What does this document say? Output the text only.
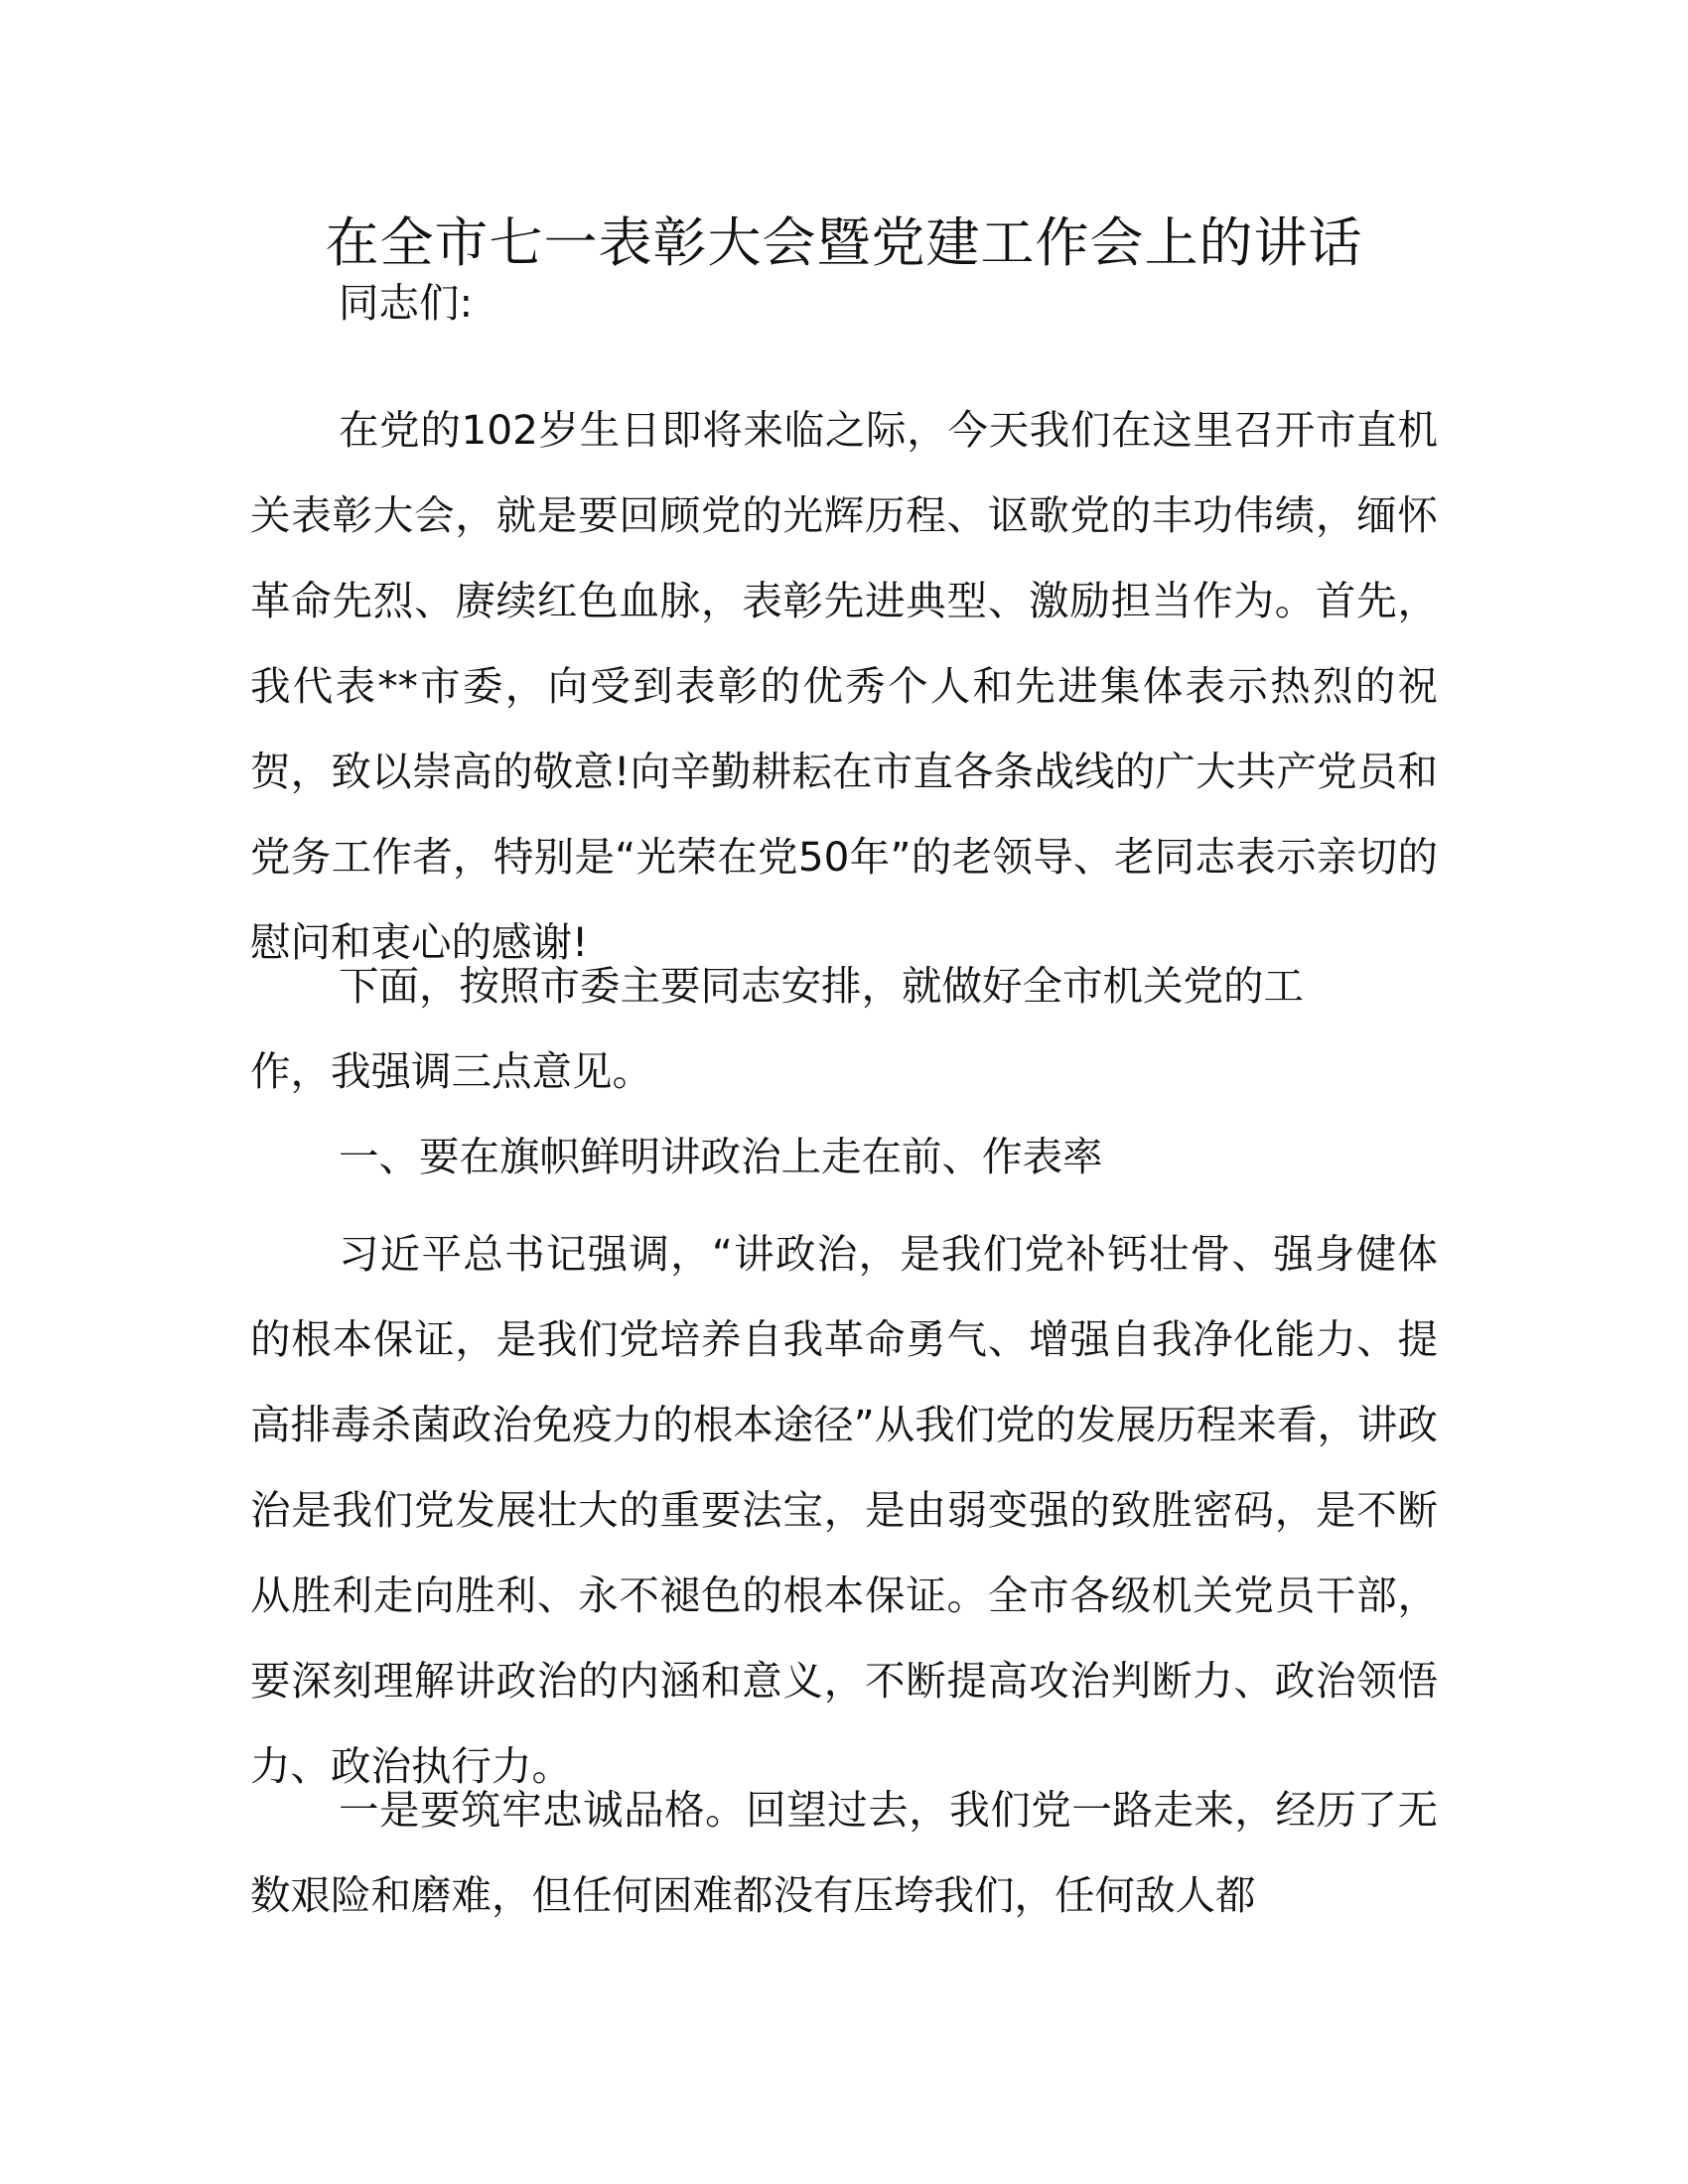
在全市七一表彰大会暨党建工作会上的讲话

同志们:

在党的102岁生日即将来临之际，今天我们在这里召开市直机关表彰大会，就是要回顾党的光辉历程、讴歌党的丰功伟绩，缅怀革命先烈、赓续红色血脉，表彰先进典型、激励担当作为。首先，我代表**市委，向受到表彰的优秀个人和先进集体表示热烈的祝贺，致以崇高的敬意!向辛勤耕耘在市直各条战线的广大共产党员和党务工作者，特别是“光荣在党50年”的老领导、老同志表示亲切的慰问和衷心的感谢!

下面，按照市委主要同志安排，就做好全市机关党的工作，我强调三点意见。

一、要在旗帜鲜明讲政治上走在前、作表率

习近平总书记强调，“讲政治，是我们党补钙壮骨、强身健体的根本保证，是我们党培养自我革命勇气、增强自我净化能力、提高排毒杀菌政治免疫力的根本途径”从我们党的发展历程来看，讲政治是我们党发展壮大的重要法宝，是由弱变强的致胜密码，是不断从胜利走向胜利、永不褪色的根本保证。全市各级机关党员干部，要深刻理解讲政治的内涵和意义，不断提高攻治判断力、政治领悟力、政治执行力。

一是要筑牢忠诚品格。回望过去，我们党一路走来，经历了无数艰险和磨难，但任何困难都没有压垮我们，任何敌人都
